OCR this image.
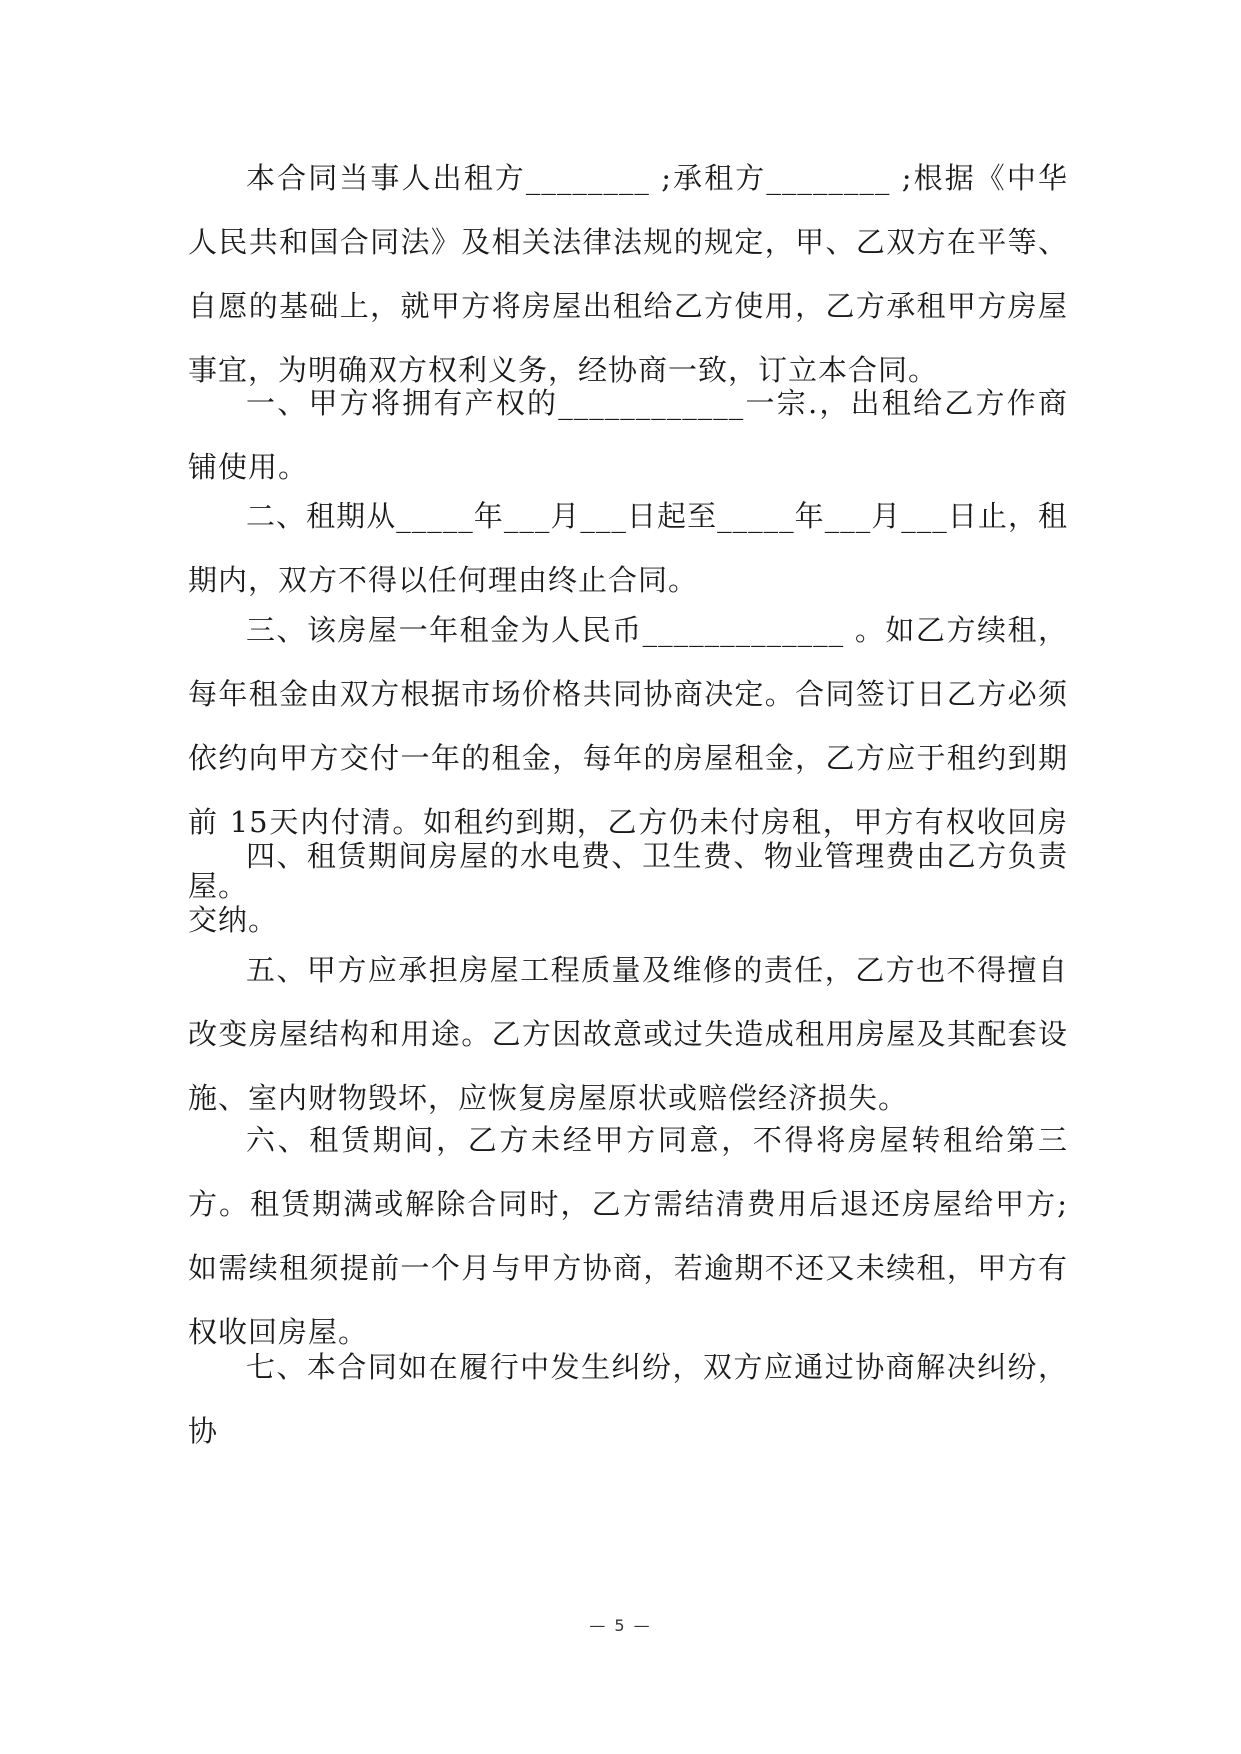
本合同当事人出租方________ ;承租方________ ;根据《中华人民共和国合同法》及相关法律法规的规定，甲、乙双方在平等、自愿的基础上，就甲方将房屋出租给乙方使用，乙方承租甲方房屋事宜，为明确双方权利义务，经协商一致，订立本合同。

一、甲方将拥有产权的____________一宗.，出租给乙方作商铺使用。

二、租期从_____年___月___日起至_____年___月___日止，租期内，双方不得以任何理由终止合同。

三、该房屋一年租金为人民币_____________ 。如乙方续租，每年租金由双方根据市场价格共同协商决定。合同签订日乙方必须依约向甲方交付一年的租金，每年的房屋租金，乙方应于租约到期前 15天内付清。如租约到期，乙方仍未付房租，甲方有权收回房屋。

四、租赁期间房屋的水电费、卫生费、物业管理费由乙方负责交纳。

五、甲方应承担房屋工程质量及维修的责任，乙方也不得擅自改变房屋结构和用途。乙方因故意或过失造成租用房屋及其配套设施、室内财物毁坏，应恢复房屋原状或赔偿经济损失。

六、租赁期间，乙方未经甲方同意，不得将房屋转租给第三方。租赁期满或解除合同时，乙方需结清费用后退还房屋给甲方;如需续租须提前一个月与甲方协商，若逾期不还又未续租，甲方有权收回房屋。

七、本合同如在履行中发生纠纷，双方应通过协商解决纠纷，协

— 5 —
